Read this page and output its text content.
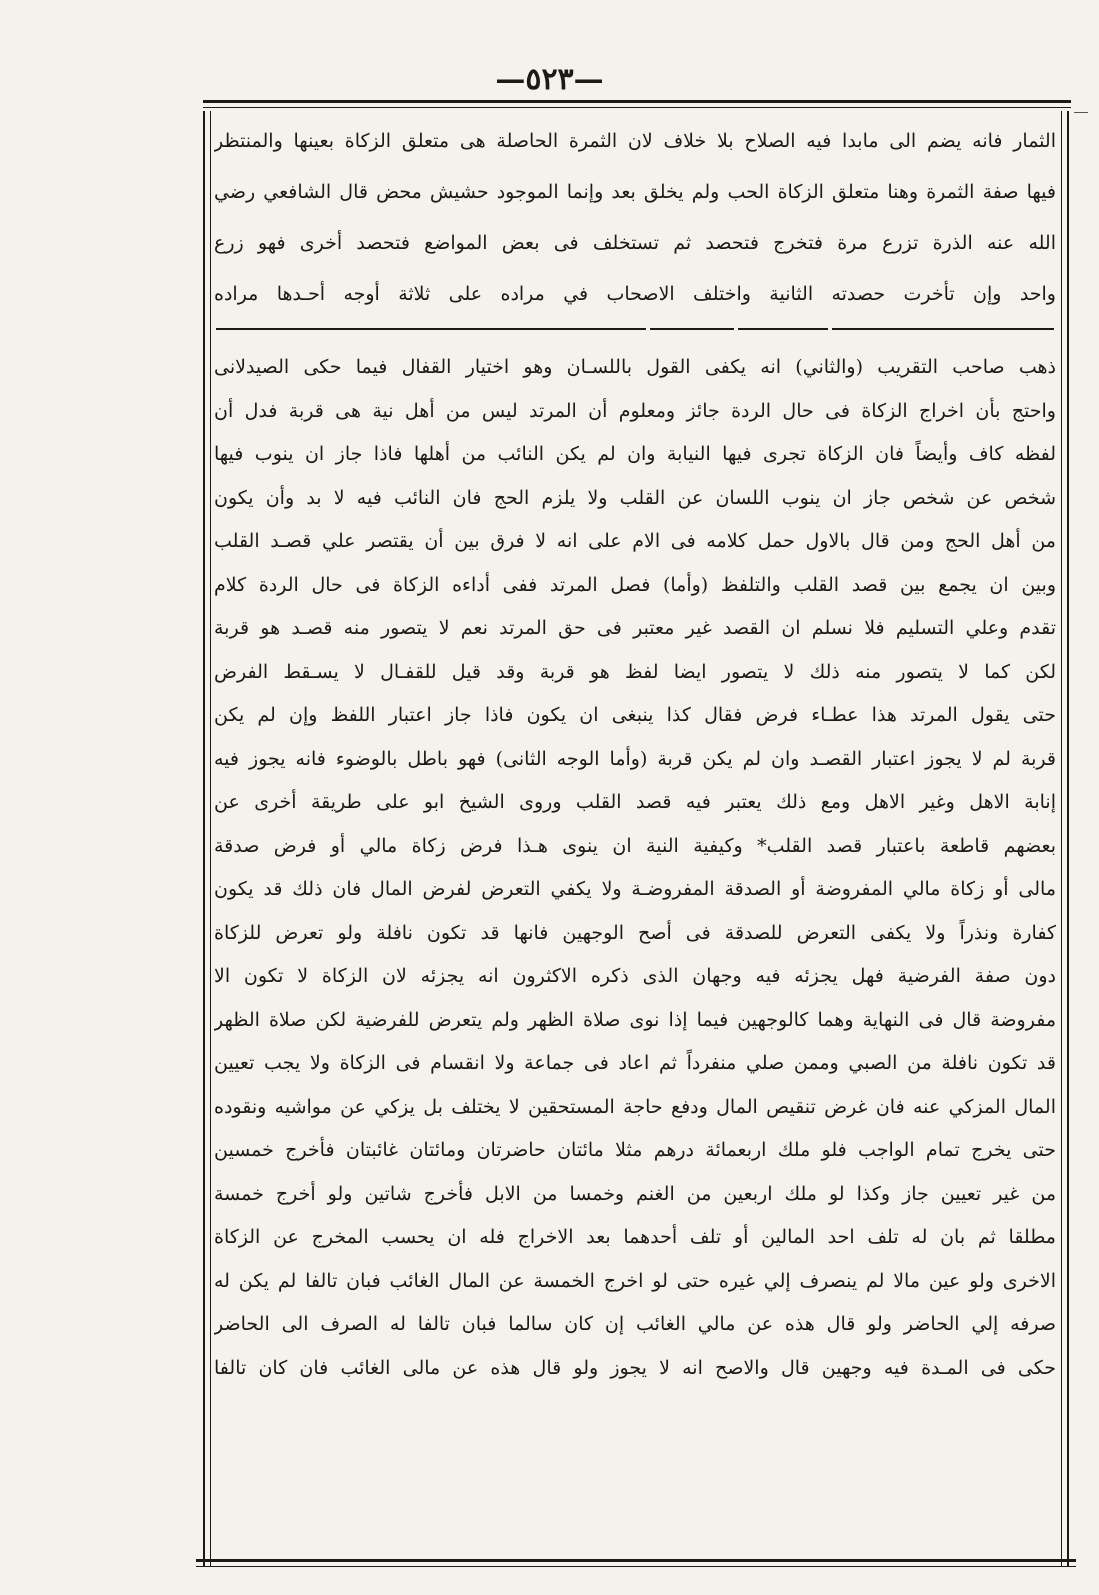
—٥٢٣—
الثمار فانه يضم الى مابدا فيه الصلاح بلا خلاف لان الثمرة الحاصلة هى متعلق الزكاة بعينها والمنتظر
فيها صفة الثمرة وهنا متعلق الزكاة الحب ولم يخلق بعد وإنما الموجود حشيش محض قال الشافعي رضي
الله عنه الذرة تزرع مرة فتخرج فتحصد ثم تستخلف فى بعض المواضع فتحصد أخرى فهو زرع
واحد وإن تأخرت حصدته الثانية واختلف الاصحاب في مراده على ثلاثة أوجه أحـدها مراده
ذهب صاحب التقريب (والثاني) انه يكفى القول باللسـان وهو اختيار القفال فيما حكى الصيدلانى
واحتج بأن اخراج الزكاة فى حال الردة جائز ومعلوم أن المرتد ليس من أهل نية هى قربة فدل أن
لفظه كاف وأيضاً فان الزكاة تجرى فيها النيابة وان لم يكن النائب من أهلها فاذا جاز ان ينوب فيها
شخص عن شخص جاز ان ينوب اللسان عن القلب ولا يلزم الحج فان النائب فيه لا بد وأن يكون
من أهل الحج ومن قال بالاول حمل كلامه فى الام على انه لا فرق بين أن يقتصر علي قصـد القلب
وبين ان يجمع بين قصد القلب والتلفظ (وأما) فصل المرتد ففى أداءه الزكاة فى حال الردة كلام
تقدم وعلي التسليم فلا نسلم ان القصد غير معتبر فى حق المرتد نعم لا يتصور منه قصـد هو قربة
لكن كما لا يتصور منه ذلك لا يتصور ايضا لفظ هو قربة وقد قيل للقفـال لا يسـقط الفرض
حتى يقول المرتد هذا عطـاء فرض فقال كذا ينبغى ان يكون فاذا جاز اعتبار اللفظ وإن لم يكن
قربة لم لا يجوز اعتبار القصـد وان لم يكن قربة (وأما الوجه الثانى) فهو باطل بالوضوء فانه يجوز فيه
إنابة الاهل وغير الاهل ومع ذلك يعتبر فيه قصد القلب وروى الشيخ ابو على طريقة أخرى عن
بعضهم قاطعة باعتبار قصد القلب* وكيفية النية ان ينوى هـذا فرض زكاة مالي أو فرض صدقة
مالى أو زكاة مالي المفروضة أو الصدقة المفروضـة ولا يكفي التعرض لفرض المال فان ذلك قد يكون
كفارة ونذراً ولا يكفى التعرض للصدقة فى أصح الوجهين فانها قد تكون نافلة ولو تعرض للزكاة
دون صفة الفرضية فهل يجزئه فيه وجهان الذى ذكره الاكثرون انه يجزئه لان الزكاة لا تكون الا
مفروضة قال فى النهاية وهما كالوجهين فيما إذا نوى صلاة الظهر ولم يتعرض للفرضية لكن صلاة الظهر
قد تكون نافلة من الصبي وممن صلي منفرداً ثم اعاد فى جماعة ولا انقسام فى الزكاة ولا يجب تعيين
المال المزكي عنه فان غرض تنقيص المال ودفع حاجة المستحقين لا يختلف بل يزكي عن مواشيه ونقوده
حتى يخرج تمام الواجب فلو ملك اربعمائة درهم مثلا مائتان حاضرتان ومائتان غائبتان فأخرج خمسين
من غير تعيين جاز وكذا لو ملك اربعين من الغنم وخمسا من الابل فأخرج شاتين ولو أخرج خمسة
مطلقا ثم بان له تلف احد المالين أو تلف أحدهما بعد الاخراج فله ان يحسب المخرج عن الزكاة
الاخرى ولو عين مالا لم ينصرف إلي غيره حتى لو اخرج الخمسة عن المال الغائب فبان تالفا لم يكن له
صرفه إلي الحاضر ولو قال هذه عن مالي الغائب إن كان سالما فبان تالفا له الصرف الى الحاضر
حكى فى المـدة فيه وجهين قال والاصح انه لا يجوز ولو قال هذه عن مالى الغائب فان كان تالفا
